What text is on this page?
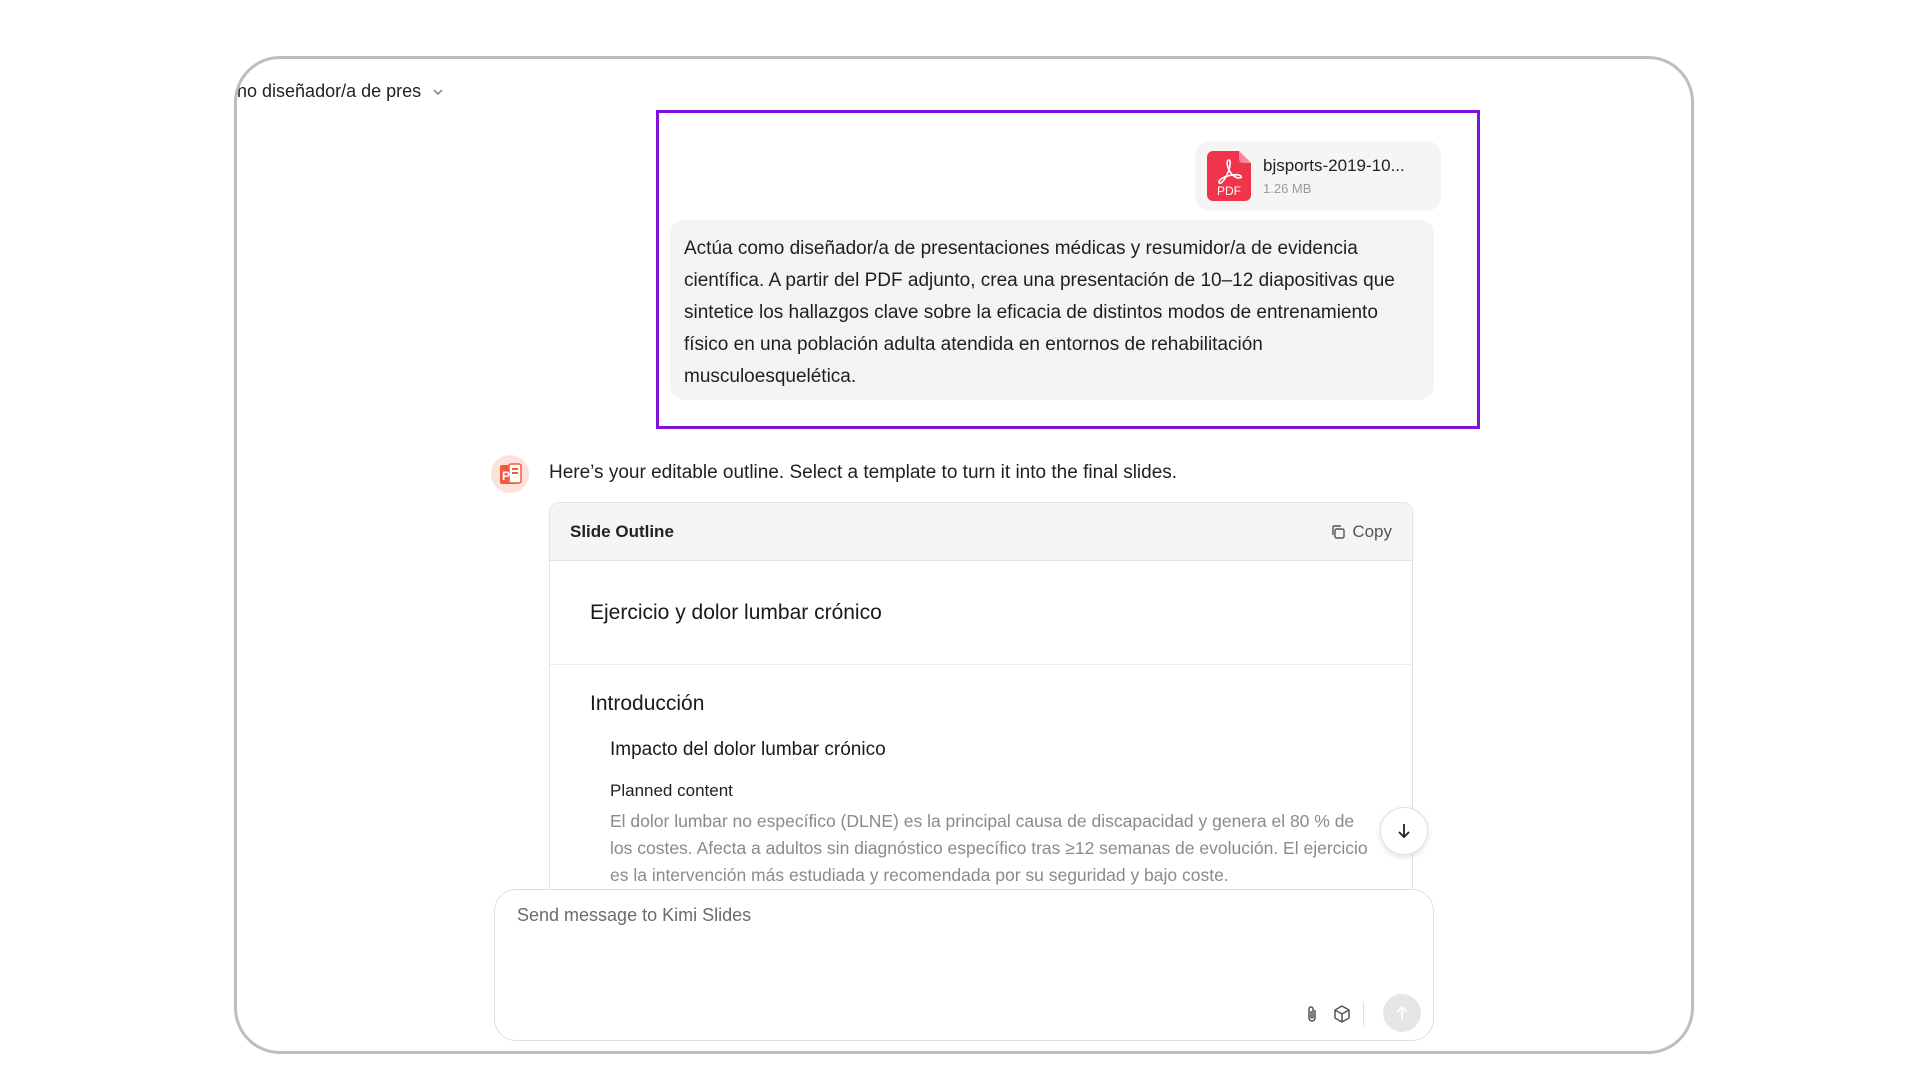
no diseñador/a de pres
PDF
bjsports-2019-10...
1.26 MB
Actúa como diseñador/a de presentaciones médicas y resumidor/a de evidencia científica. A partir del PDF adjunto, crea una presentación de 10–12 diapositivas que sintetice los hallazgos clave sobre la eficacia de distintos modos de entrenamiento físico en una población adulta atendida en entornos de rehabilitación musculoesquelética.
P Here’s your editable outline. Select a template to turn it into the final slides.
Slide Outline	Copy
Ejercicio y dolor lumbar crónico
Introducción
Impacto del dolor lumbar crónico
Planned content
El dolor lumbar no específico (DLNE) es la principal causa de discapacidad y genera el 80 % de los costes. Afecta a adultos sin diagnóstico específico tras ≥12 semanas de evolución. El ejercicio es la intervención más estudiada y recomendada por su seguridad y bajo coste.
Send message to Kimi Slides
